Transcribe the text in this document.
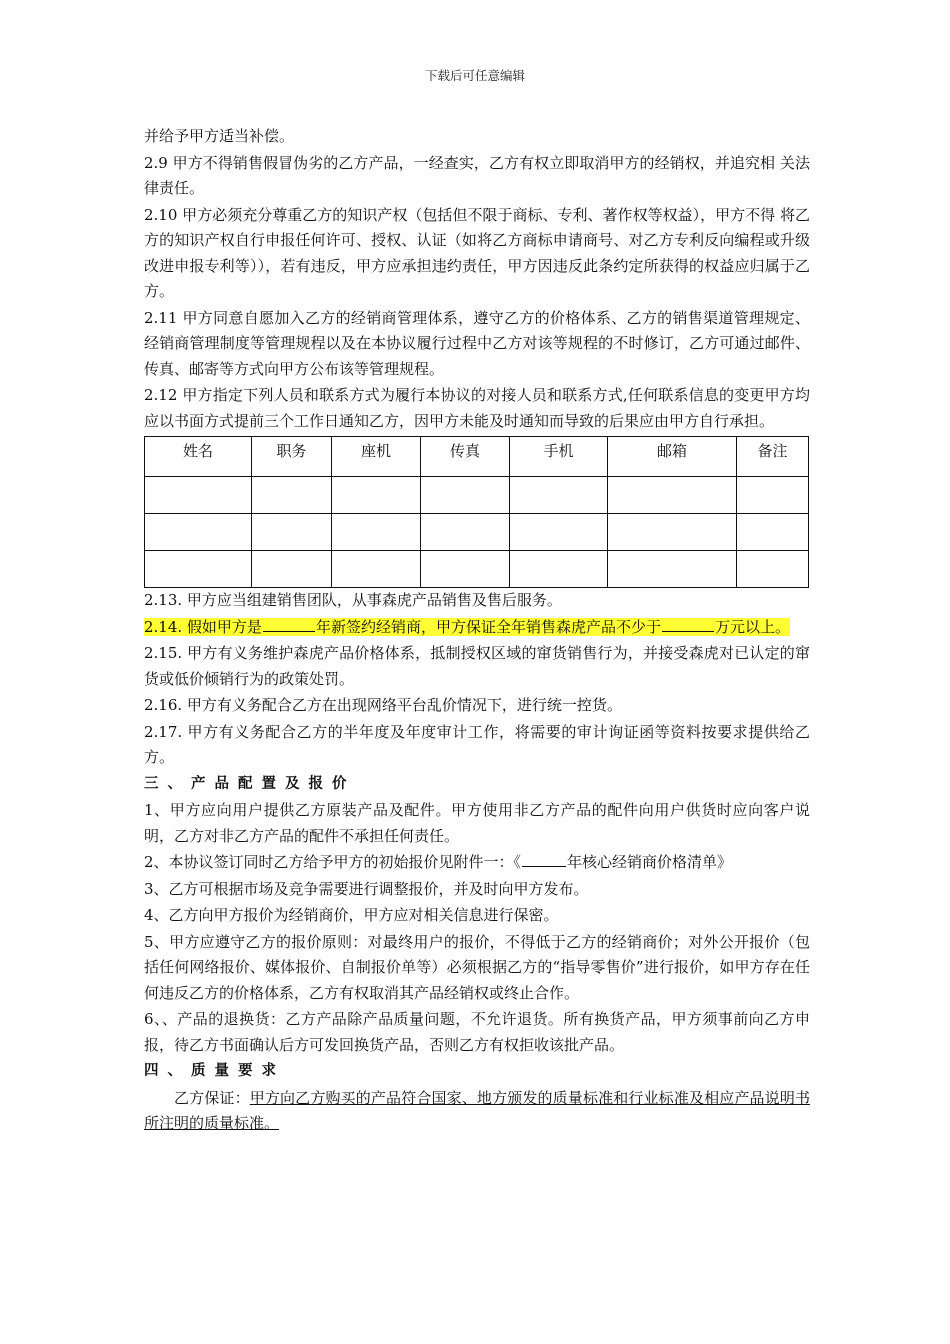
下载后可任意编辑

并给予甲方适当补偿。

2.9 甲方不得销售假冒伪劣的乙方产品，一经查实，乙方有权立即取消甲方的经销权，并追究相 关法律责任。

2.10 甲方必须充分尊重乙方的知识产权（包括但不限于商标、专利、著作权等权益），甲方不得 将乙方的知识产权自行申报任何许可、授权、认证（如将乙方商标申请商号、对乙方专利反向编程或升级改进申报专利等）），若有违反，甲方应承担违约责任，甲方因违反此条约定所获得的权益应归属于乙方。

2.11 甲方同意自愿加入乙方的经销商管理体系，遵守乙方的价格体系、乙方的销售渠道管理规定、经销商管理制度等管理规程以及在本协议履行过程中乙方对该等规程的不时修订，乙方可通过邮件、传真、邮寄等方式向甲方公布该等管理规程。

2.12 甲方指定下列人员和联系方式为履行本协议的对接人员和联系方式,任何联系信息的变更甲方均应以书面方式提前三个工作日通知乙方，因甲方未能及时通知而导致的后果应由甲方自行承担。

姓名	职务	座机	传真	手机	邮箱	备注

2.13. 甲方应当组建销售团队，从事森虎产品销售及售后服务。

2.14. 假如甲方是	年新签约经销商，甲方保证全年销售森虎产品不少于	万元以上。

2.15. 甲方有义务维护森虎产品价格体系，抵制授权区域的窜货销售行为，并接受森虎对已认定的窜货或低价倾销行为的政策处罚。

2.16. 甲方有义务配合乙方在出现网络平台乱价情况下，进行统一控货。

2.17. 甲方有义务配合乙方的半年度及年度审计工作，将需要的审计询证函等资料按要求提供给乙方。

三、产品配置及报价

1、甲方应向用户提供乙方原装产品及配件。甲方使用非乙方产品的配件向用户供货时应向客户说明，乙方对非乙方产品的配件不承担任何责任。

2、本协议签订同时乙方给予甲方的初始报价见附件一：《	年核心经销商价格清单》

3、乙方可根据市场及竞争需要进行调整报价，并及时向甲方发布。

4、乙方向甲方报价为经销商价，甲方应对相关信息进行保密。

5、甲方应遵守乙方的报价原则：对最终用户的报价，不得低于乙方的经销商价；对外公开报价（包括任何网络报价、媒体报价、自制报价单等）必须根据乙方的“指导零售价”进行报价，如甲方存在任何违反乙方的价格体系，乙方有权取消其产品经销权或终止合作。

6、、产品的退换货：乙方产品除产品质量问题，不允许退货。所有换货产品，甲方须事前向乙方申报，待乙方书面确认后方可发回换货产品，否则乙方有权拒收该批产品。

四、质量要求

乙方保证：甲方向乙方购买的产品符合国家、地方颁发的质量标准和行业标准及相应产品说明书所注明的质量标准。
